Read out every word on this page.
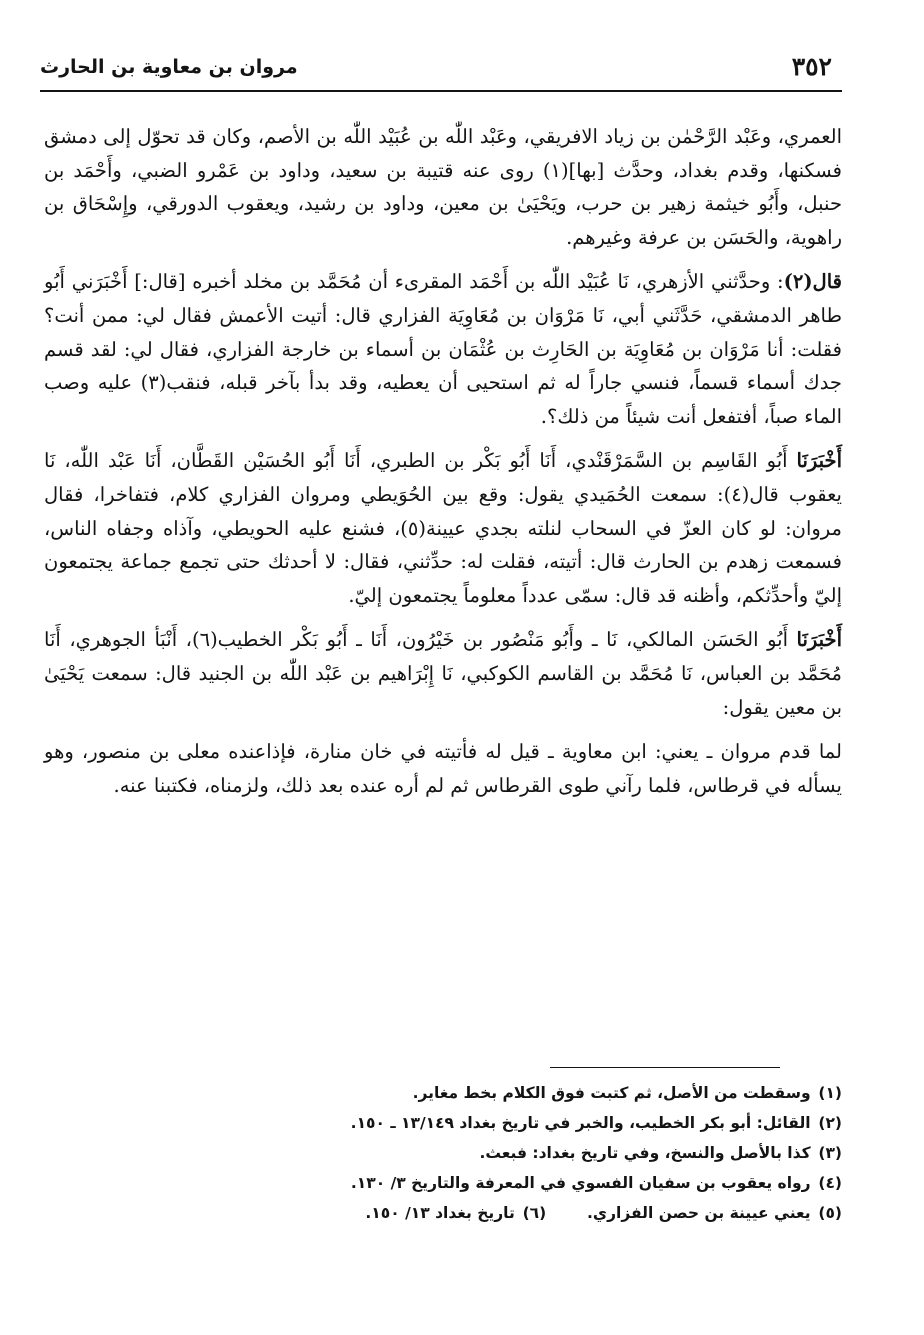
٣٥٢
مروان بن معاوية بن الحارث

العمري، وعَبْد الرَّحْمٰن بن زياد الافريقي، وعَبْد اللّٰه بن عُبَيْد اللّٰه بن الأصم، وكان قد تحوّل إلى دمشق فسكنها، وقدم بغداد، وحدَّث [بها](١) روى عنه قتيبة بن سعيد، وداود بن عَمْرو الضبي، وأَحْمَد بن حنبل، وأَبُو خيثمة زهير بن حرب، ويَحْيَىٰ بن معين، وداود بن رشيد، ويعقوب الدورقي، وإِسْحَاق بن راهوية، والحَسَن بن عرفة وغيرهم.

قال(٢): وحدَّثني الأزهري، نَا عُبَيْد اللّٰه بن أَحْمَد المقرىء أن مُحَمَّد بن مخلد أخبره [قال:] أَخْبَرَني أَبُو طاهر الدمشقي، حَدَّثَني أبي، نَا مَرْوَان بن مُعَاوِيَة الفزاري قال: أتيت الأعمش فقال لي: ممن أنت؟ فقلت: أنا مَرْوَان بن مُعَاوِيَة بن الحَارِث بن عُثْمَان بن أسماء بن خارجة الفزاري، فقال لي: لقد قسم جدك أسماء قسماً، فنسي جاراً له ثم استحيى أن يعطيه، وقد بدأ بآخر قبله، فنقب(٣) عليه وصب الماء صباً، أفتفعل أنت شيئاً من ذلك؟.

أَخْبَرَنَا أَبُو القَاسِم بن السَّمَرْقَنْدي، أَنَا أَبُو بَكْر بن الطبري، أَنَا أَبُو الحُسَيْن القَطَّان، أَنَا عَبْد اللّٰه، نَا يعقوب قال(٤): سمعت الحُمَيدي يقول: وقع بين الحُوَيطي ومروان الفزاري كلام، فتفاخرا، فقال مروان: لو كان العزّ في السحاب لنلته بجدي عيينة(٥)، فشنع عليه الحويطي، وآذاه وجفاه الناس، فسمعت زهدم بن الحارث قال: أتيته، فقلت له: حدِّثني، فقال: لا أحدثك حتى تجمع جماعة يجتمعون إليّ وأحدِّثكم، وأظنه قد قال: سمّى عدداً معلوماً يجتمعون إليّ.

أَخْبَرَنَا أَبُو الحَسَن المالكي، نَا ـ وأَبُو مَنْصُور بن خَيْرُون، أَنَا ـ أَبُو بَكْر الخطيب(٦)، أَنْبَأ الجوهري، أَنَا مُحَمَّد بن العباس، نَا مُحَمَّد بن القاسم الكوكبي، نَا إِبْرَاهيم بن عَبْد اللّٰه بن الجنيد قال: سمعت يَحْيَىٰ بن معين يقول:

لما قدم مروان ـ يعني: ابن معاوية ـ قيل له فأتيته في خان منارة، فإذاعنده معلى بن منصور، وهو يسأله في قرطاس، فلما رآني طوى القرطاس ثم لم أره عنده بعد ذلك، ولزمناه، فكتبنا عنه.

(١) وسقطت من الأصل، ثم كتبت فوق الكلام بخط مغاير.
(٢) القائل: أبو بكر الخطيب، والخبر في تاريخ بغداد ١٣/١٤٩ ـ ١٥٠.
(٣) كذا بالأصل والنسخ، وفي تاريخ بغداد: فبعث.
(٤) رواه يعقوب بن سفيان الفسوي في المعرفة والتاريخ ٣/ ١٣٠.
(٥) يعني عيينة بن حصن الفزاري.  (٦) تاريخ بغداد ١٣/ ١٥٠.
